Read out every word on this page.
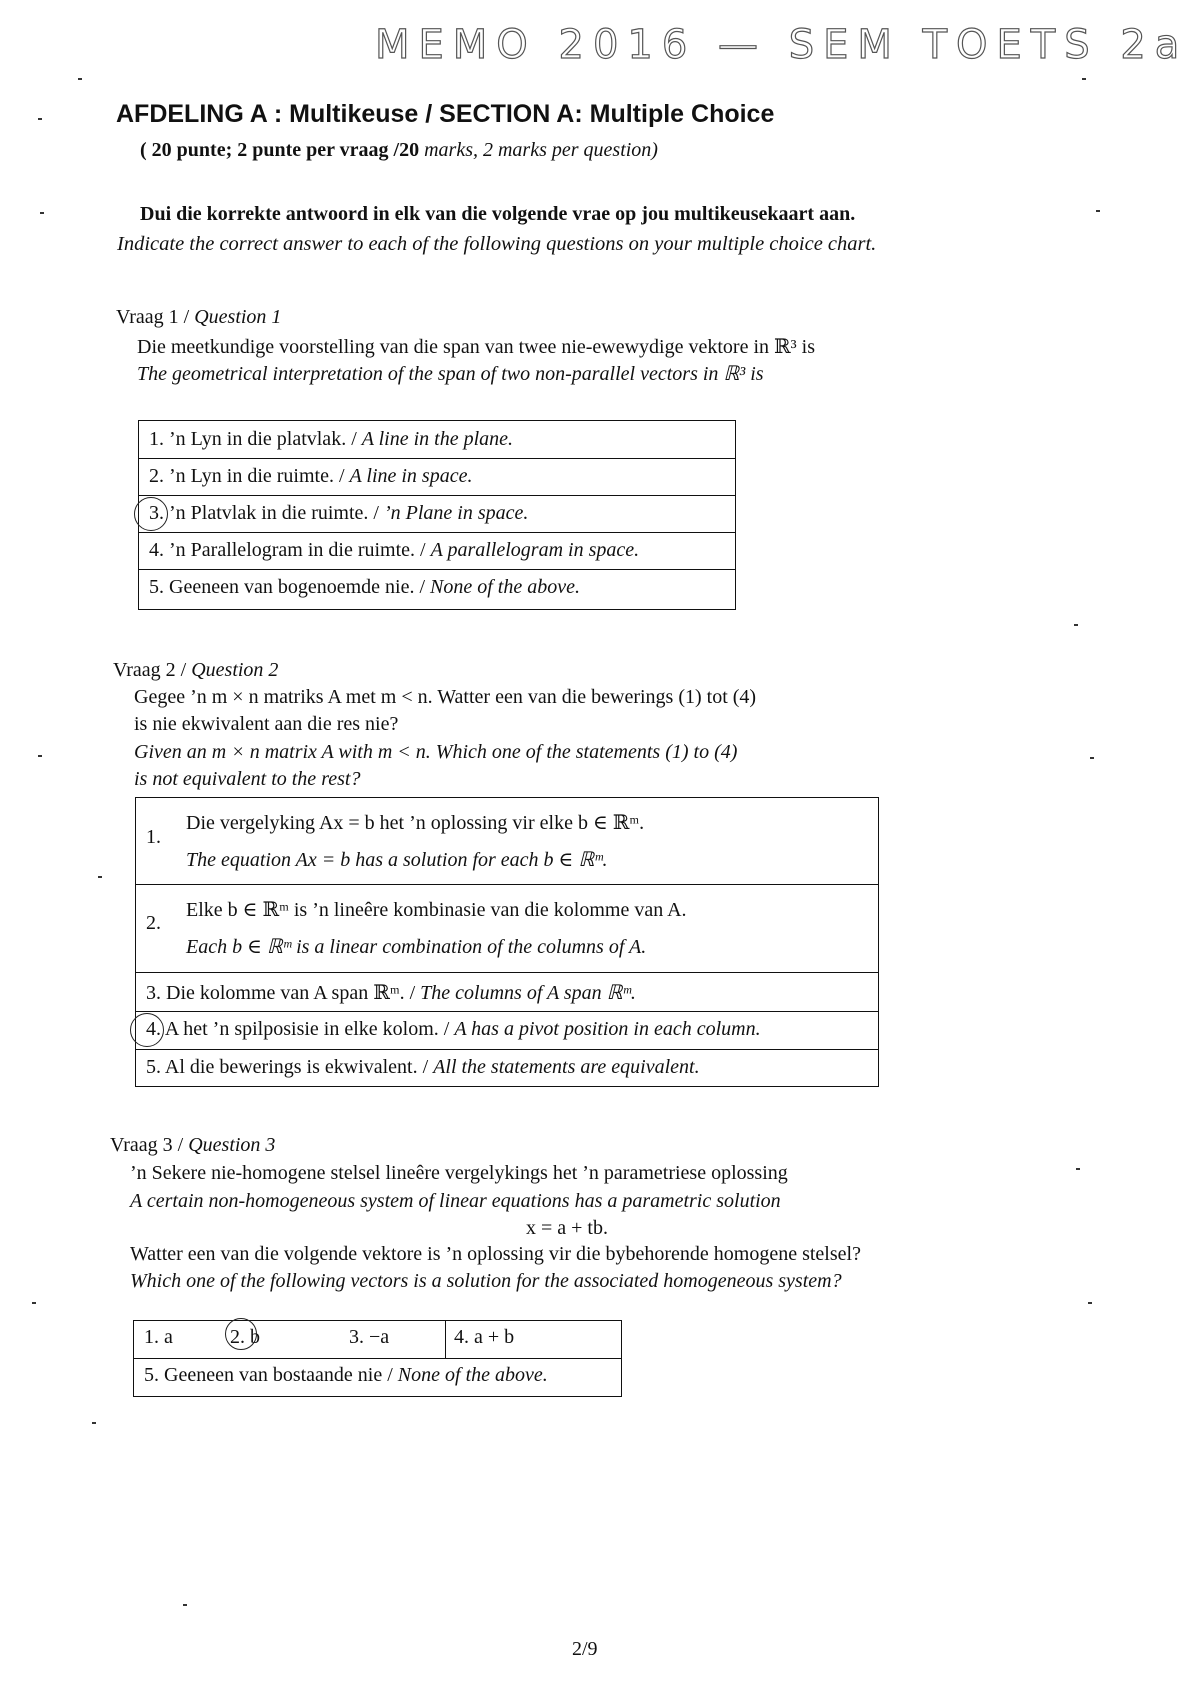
MEMO 2016 — SEM TOETS 2a
AFDELING A : Multikeuse / SECTION A: Multiple Choice
( 20 punte; 2 punte per vraag /20 marks, 2 marks per question)
Dui die korrekte antwoord in elk van die volgende vrae op jou multikeusekaart aan.
Indicate the correct answer to each of the following questions on your multiple choice chart.
Vraag 1 / Question 1
Die meetkundige voorstelling van die span van twee nie-ewewydige vektore in ℝ³ is
The geometrical interpretation of the span of two non-parallel vectors in ℝ³ is
1. ’n Lyn in die platvlak. / A line in the plane.
2. ’n Lyn in die ruimte. / A line in space.
3. ’n Platvlak in die ruimte. / ’n Plane in space.
4. ’n Parallelogram in die ruimte. / A parallelogram in space.
5. Geeneen van bogenoemde nie. / None of the above.
Vraag 2 / Question 2
Gegee ’n m × n matriks A met m < n. Watter een van die bewerings (1) tot (4)
is nie ekwivalent aan die res nie?
Given an m × n matrix A with m < n. Which one of the statements (1) to (4)
is not equivalent to the rest?
1.
Die vergelyking Ax = b het ’n oplossing vir elke b ∈ ℝᵐ.
The equation Ax = b has a solution for each b ∈ ℝᵐ.
2.
Elke b ∈ ℝᵐ is ’n lineêre kombinasie van die kolomme van A.
Each b ∈ ℝᵐ is a linear combination of the columns of A.
3. Die kolomme van A span ℝᵐ. / The columns of A span ℝᵐ.
4. A het ’n spilposisie in elke kolom. / A has a pivot position in each column.
5. Al die bewerings is ekwivalent. / All the statements are equivalent.
Vraag 3 / Question 3
’n Sekere nie-homogene stelsel lineêre vergelykings het ’n parametriese oplossing
A certain non-homogeneous system of linear equations has a parametric solution
x = a + tb.
Watter een van die volgende vektore is ’n oplossing vir die bybehorende homogene stelsel?
Which one of the following vectors is a solution for the associated homogeneous system?
1. a	2. b	3. −a	4. a + b
5. Geeneen van bostaande nie / None of the above.
2/9
